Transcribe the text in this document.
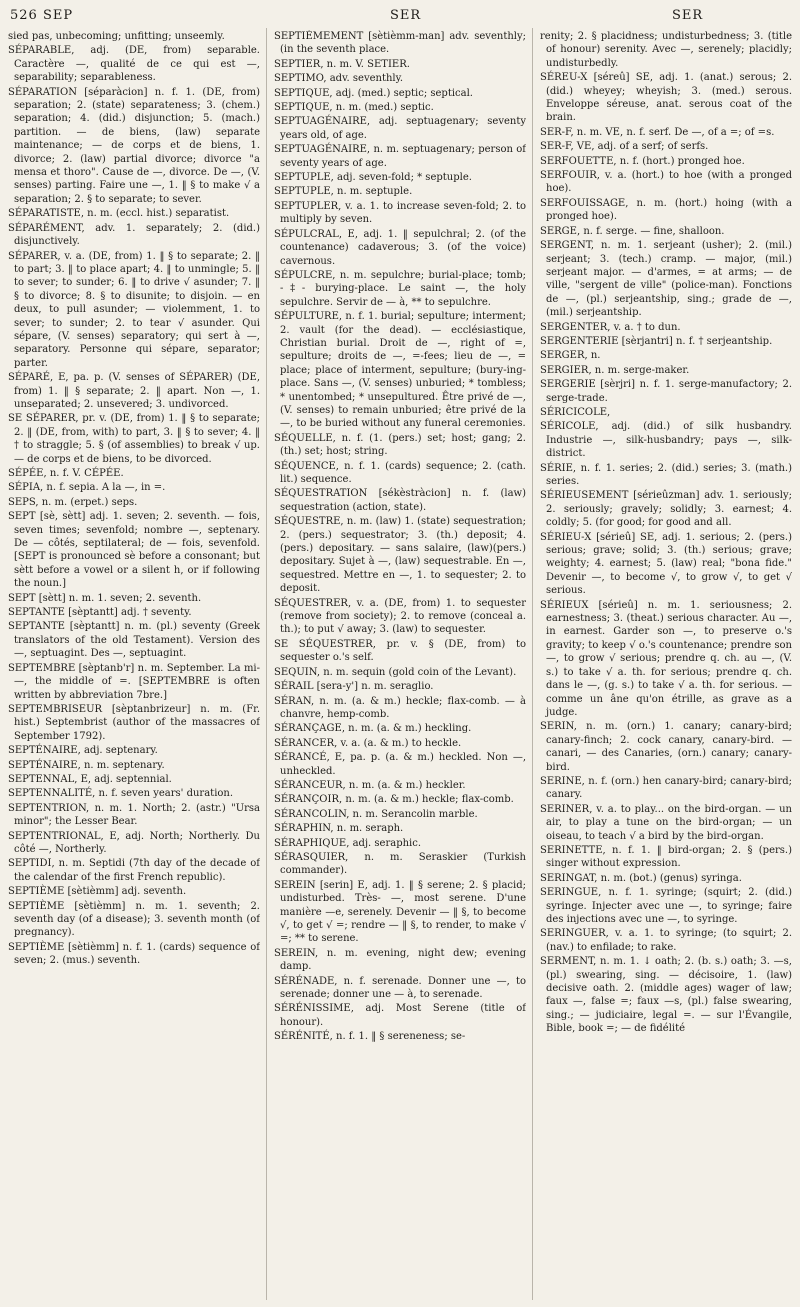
526 SEP	SER	SER
sied pas, unbecoming; unfitting; unseemly.
SÉPARABLE, adj. (DE, from) separable. Caractère —, qualité de ce qui est —, separability; separableness.
SÉPARATION [séparàcion] n. f. 1. (DE, from) separation; 2. (state) separateness; 3. (chem.) separation; 4. (did.) disjunction; 5. (mach.) partition. — de biens, (law) separate maintenance; — de corps et de biens, 1. divorce; 2. (law) partial divorce; divorce "a mensa et thoro". Cause de —, divorce. De —, (V. senses) parting. Faire une —, 1. ‖ § to make √ a separation; 2. § to separate; to sever.
SÉPARATISTE, n. m. (eccl. hist.) separatist.
SÉPARÉMENT, adv. 1. separately; 2. (did.) disjunctively.
SÉPARER, v. a. (DE, from) 1. ‖ § to separate; 2. ‖ to part; 3. ‖ to place apart; 4. ‖ to unmingle; 5. ‖ to sever; to sunder; 6. ‖ to drive √ asunder; 7. ‖ § to divorce; 8. § to disunite; to disjoin. — en deux, to pull asunder; — violemment, 1. to sever; to sunder; 2. to tear √ asunder. Qui sépare, (V. senses) separatory; qui sert à —, separatory. Personne qui sépare, separator; parter.
SÉPARÉ, E, pa. p. (V. senses of SÉPARER) (DE, from) 1. ‖ § separate; 2. ‖ apart. Non —, 1. unseparated; 2. unsevered; 3. undivorced.
SE SÉPARER, pr. v. (DE, from) 1. ‖ § to separate; 2. ‖ (DE, from, with) to part, 3. ‖ § to sever; 4. ‖ † to straggle; 5. § (of assemblies) to break √ up. — de corps et de biens, to be divorced.
SÉPÉE, n. f. V. CÉPÉE.
SÉPIA, n. f. sepia. A la —, in =.
SEPS, n. m. (erpet.) seps.
SEPT [sè, sètt] adj. 1. seven; 2. seventh. — fois, seven times; sevenfold; nombre —, septenary. De — côtés, septilateral; de — fois, sevenfold. [SEPT is pronounced sè before a consonant; but sètt before a vowel or a silent h, or if following the noun.]
SEPT [sètt] n. m. 1. seven; 2. seventh.
SEPTANTE [sèptantt] adj. † seventy.
SEPTANTE [sèptantt] n. m. (pl.) seventy (Greek translators of the old Testament). Version des —, septuagint. Des —, septuagint.
SEPTEMBRE [sèptanb'r] n. m. September. La mi- —, the middle of =. [SEPTEMBRE is often written by abbreviation 7bre.]
SEPTEMBRISEUR [sèptanbrizeur] n. m. (Fr. hist.) Septembrist (author of the massacres of September 1792).
SEPTÉNAIRE, adj. septenary.
SEPTÉNAIRE, n. m. septenary.
SEPTENNAL, E, adj. septennial.
SEPTENNALITÉ, n. f. seven years' duration.
SEPTENTRION, n. m. 1. North; 2. (astr.) "Ursa minor"; the Lesser Bear.
SEPTENTRIONAL, E, adj. North; Northerly. Du côté —, Northerly.
SEPTIDI, n. m. Septidi (7th day of the decade of the calendar of the first French republic).
SEPTIÈME [sètièmm] adj. seventh.
SEPTIÈME [sètièmm] n. m. 1. seventh; 2. seventh day (of a disease); 3. seventh month (of pregnancy).
SEPTIÈME [sètièmm] n. f. 1. (cards) sequence of seven; 2. (mus.) seventh.
SEPTIÈMEMENT [sètièmm-man] adv. seventhly; (in the seventh place.
SEPTIER, n. m. V. SETIER.
SEPTIMO, adv. seventhly.
SEPTIQUE, adj. (med.) septic; septical.
SEPTIQUE, n. m. (med.) septic.
SEPTUAGÉNAIRE, adj. septuagenary; seventy years old, of age.
SEPTUAGÉNAIRE, n. m. septuagenary; person of seventy years of age.
SEPTUPLE, adj. seven-fold; * septuple.
SEPTUPLE, n. m. septuple.
SEPTUPLER, v. a. 1. to increase seven-fold; 2. to multiply by seven.
SÉPULCRAL, E, adj. 1. ‖ sepulchral; 2. (of the countenance) cadaverous; 3. (of the voice) cavernous.
SÉPULCRE, n. m. sepulchre; burial-place; tomb; -‡- burying-place. Le saint —, the holy sepulchre. Servir de — à, ** to sepulchre.
SÉPULTURE, n. f. 1. burial; sepulture; interment; 2. vault (for the dead). — ecclésiastique, Christian burial. Droit de —, right of =, sepulture; droits de —, =-fees; lieu de —, = place; place of interment, sepulture; (bury-ing-place. Sans —, (V. senses) unburied; * tombless; * unentombed; * unsepultured. Être privé de —, (V. senses) to remain unburied; être privé de la —, to be buried without any funeral ceremonies.
SÉQUELLE, n. f. (1. (pers.) set; host; gang; 2. (th.) set; host; string.
SÉQUENCE, n. f. 1. (cards) sequence; 2. (cath. lit.) sequence.
SÉQUESTRATION [sékèstràcion] n. f. (law) sequestration (action, state).
SÉQUESTRE, n. m. (law) 1. (state) sequestration; 2. (pers.) sequestrator; 3. (th.) deposit; 4. (pers.) depositary. — sans salaire, (law)(pers.) depositary. Sujet à —, (law) sequestrable. En —, sequestred. Mettre en —, 1. to sequester; 2. to deposit.
SÉQUESTRER, v. a. (DE, from) 1. to sequester (remove from society); 2. to remove (conceal a. th.); to put √ away; 3. (law) to sequester.
SE SÉQUESTRER, pr. v. § (DE, from) to sequester o.'s self.
SEQUIN, n. m. sequin (gold coin of the Levant).
SÉRAIL [sera-y'] n. m. seraglio.
SÉRAN, n. m. (a. & m.) heckle; flax-comb. — à chanvre, hemp-comb.
SÉRANÇAGE, n. m. (a. & m.) heckling.
SÉRANCER, v. a. (a. & m.) to heckle.
SÉRANCÉ, E, pa. p. (a. & m.) heckled. Non —, unheckled.
SÉRANCEUR, n. m. (a. & m.) heckler.
SÉRANÇOIR, n. m. (a. & m.) heckle; flax-comb.
SÉRANCOLIN, n. m. Serancolin marble.
SÉRAPHIN, n. m. seraph.
SÉRAPHIQUE, adj. seraphic.
SÉRASQUIER, n. m. Seraskier (Turkish commander).
SEREIN [serin] E, adj. 1. ‖ § serene; 2. § placid; undisturbed. Très- —, most serene. D'une manière —e, serenely. Devenir — ‖ §, to become √, to get √ =; rendre — ‖ §, to render, to make √ =; ** to serene.
SEREIN, n. m. evening, night dew; evening damp.
SÉRÉNADE, n. f. serenade. Donner une —, to serenade; donner une — à, to serenade.
SÉRÉNISSIME, adj. Most Serene (title of honour).
SÉRÉNITÉ, n. f. 1. ‖ § sereneness; se-
renity; 2. § placidness; undisturbedness; 3. (title of honour) serenity. Avec —, serenely; placidly; undisturbedly.
SÉREU-X [séreû] SE, adj. 1. (anat.) serous; 2. (did.) wheyey; wheyish; 3. (med.) serous. Enveloppe séreuse, anat. serous coat of the brain.
SER-F, n. m. VE, n. f. serf. De —, of a =; of =s.
SER-F, VE, adj. of a serf; of serfs.
SERFOUETTE, n. f. (hort.) pronged hoe.
SERFOUIR, v. a. (hort.) to hoe (with a pronged hoe).
SERFOUISSAGE, n. m. (hort.) hoing (with a pronged hoe).
SERGE, n. f. serge. — fine, shalloon.
SERGENT, n. m. 1. serjeant (usher); 2. (mil.) serjeant; 3. (tech.) cramp. — major, (mil.) serjeant major. — d'armes, = at arms; — de ville, "sergent de ville" (police-man). Fonctions de —, (pl.) serjeantship, sing.; grade de —, (mil.) serjeantship.
SERGENTER, v. a. † to dun.
SERGENTERIE [sèrjantri] n. f. † serjeantship.
SERGER, n.
SERGIER, n. m. serge-maker.
SERGERIE [sèrjri] n. f. 1. serge-manufactory; 2. serge-trade.
SÉRICICOLE,
SÉRICOLE, adj. (did.) of silk husbandry. Industrie —, silk-husbandry; pays —, silk-district.
SÉRIE, n. f. 1. series; 2. (did.) series; 3. (math.) series.
SÉRIEUSEMENT [sérieûzman] adv. 1. seriously; 2. seriously; gravely; solidly; 3. earnest; 4. coldly; 5. (for good; for good and all.
SÉRIEU-X [sérieû] SE, adj. 1. serious; 2. (pers.) serious; grave; solid; 3. (th.) serious; grave; weighty; 4. earnest; 5. (law) real; "bona fide." Devenir —, to become √, to grow √, to get √ serious.
SÉRIEUX [sérieû] n. m. 1. seriousness; 2. earnestness; 3. (theat.) serious character. Au —, in earnest. Garder son —, to preserve o.'s gravity; to keep √ o.'s countenance; prendre son —, to grow √ serious; prendre q. ch. au —, (V. s.) to take √ a. th. for serious; prendre q. ch. dans le —, (g. s.) to take √ a. th. for serious. — comme un âne qu'on étrille, as grave as a judge.
SERIN, n. m. (orn.) 1. canary; canary-bird; canary-finch; 2. cock canary, canary-bird. — canari, — des Canaries, (orn.) canary; canary-bird.
SERINE, n. f. (orn.) hen canary-bird; canary-bird; canary.
SERINER, v. a. to play... on the bird-organ. — un air, to play a tune on the bird-organ; — un oiseau, to teach √ a bird by the bird-organ.
SERINETTE, n. f. 1. ‖ bird-organ; 2. § (pers.) singer without expression.
SERINGAT, n. m. (bot.) (genus) syringa.
SERINGUE, n. f. 1. syringe; (squirt; 2. (did.) syringe. Injecter avec une —, to syringe; faire des injections avec une —, to syringe.
SERINGUER, v. a. 1. to syringe; (to squirt; 2. (nav.) to enfilade; to rake.
SERMENT, n. m. 1. ↓ oath; 2. (b. s.) oath; 3. —s, (pl.) swearing, sing. — décisoire, 1. (law) decisive oath. 2. (middle ages) wager of law; faux —, false =; faux —s, (pl.) false swearing, sing.; — judiciaire, legal =. — sur l'Évangile, Bible, book =; — de fidélité
